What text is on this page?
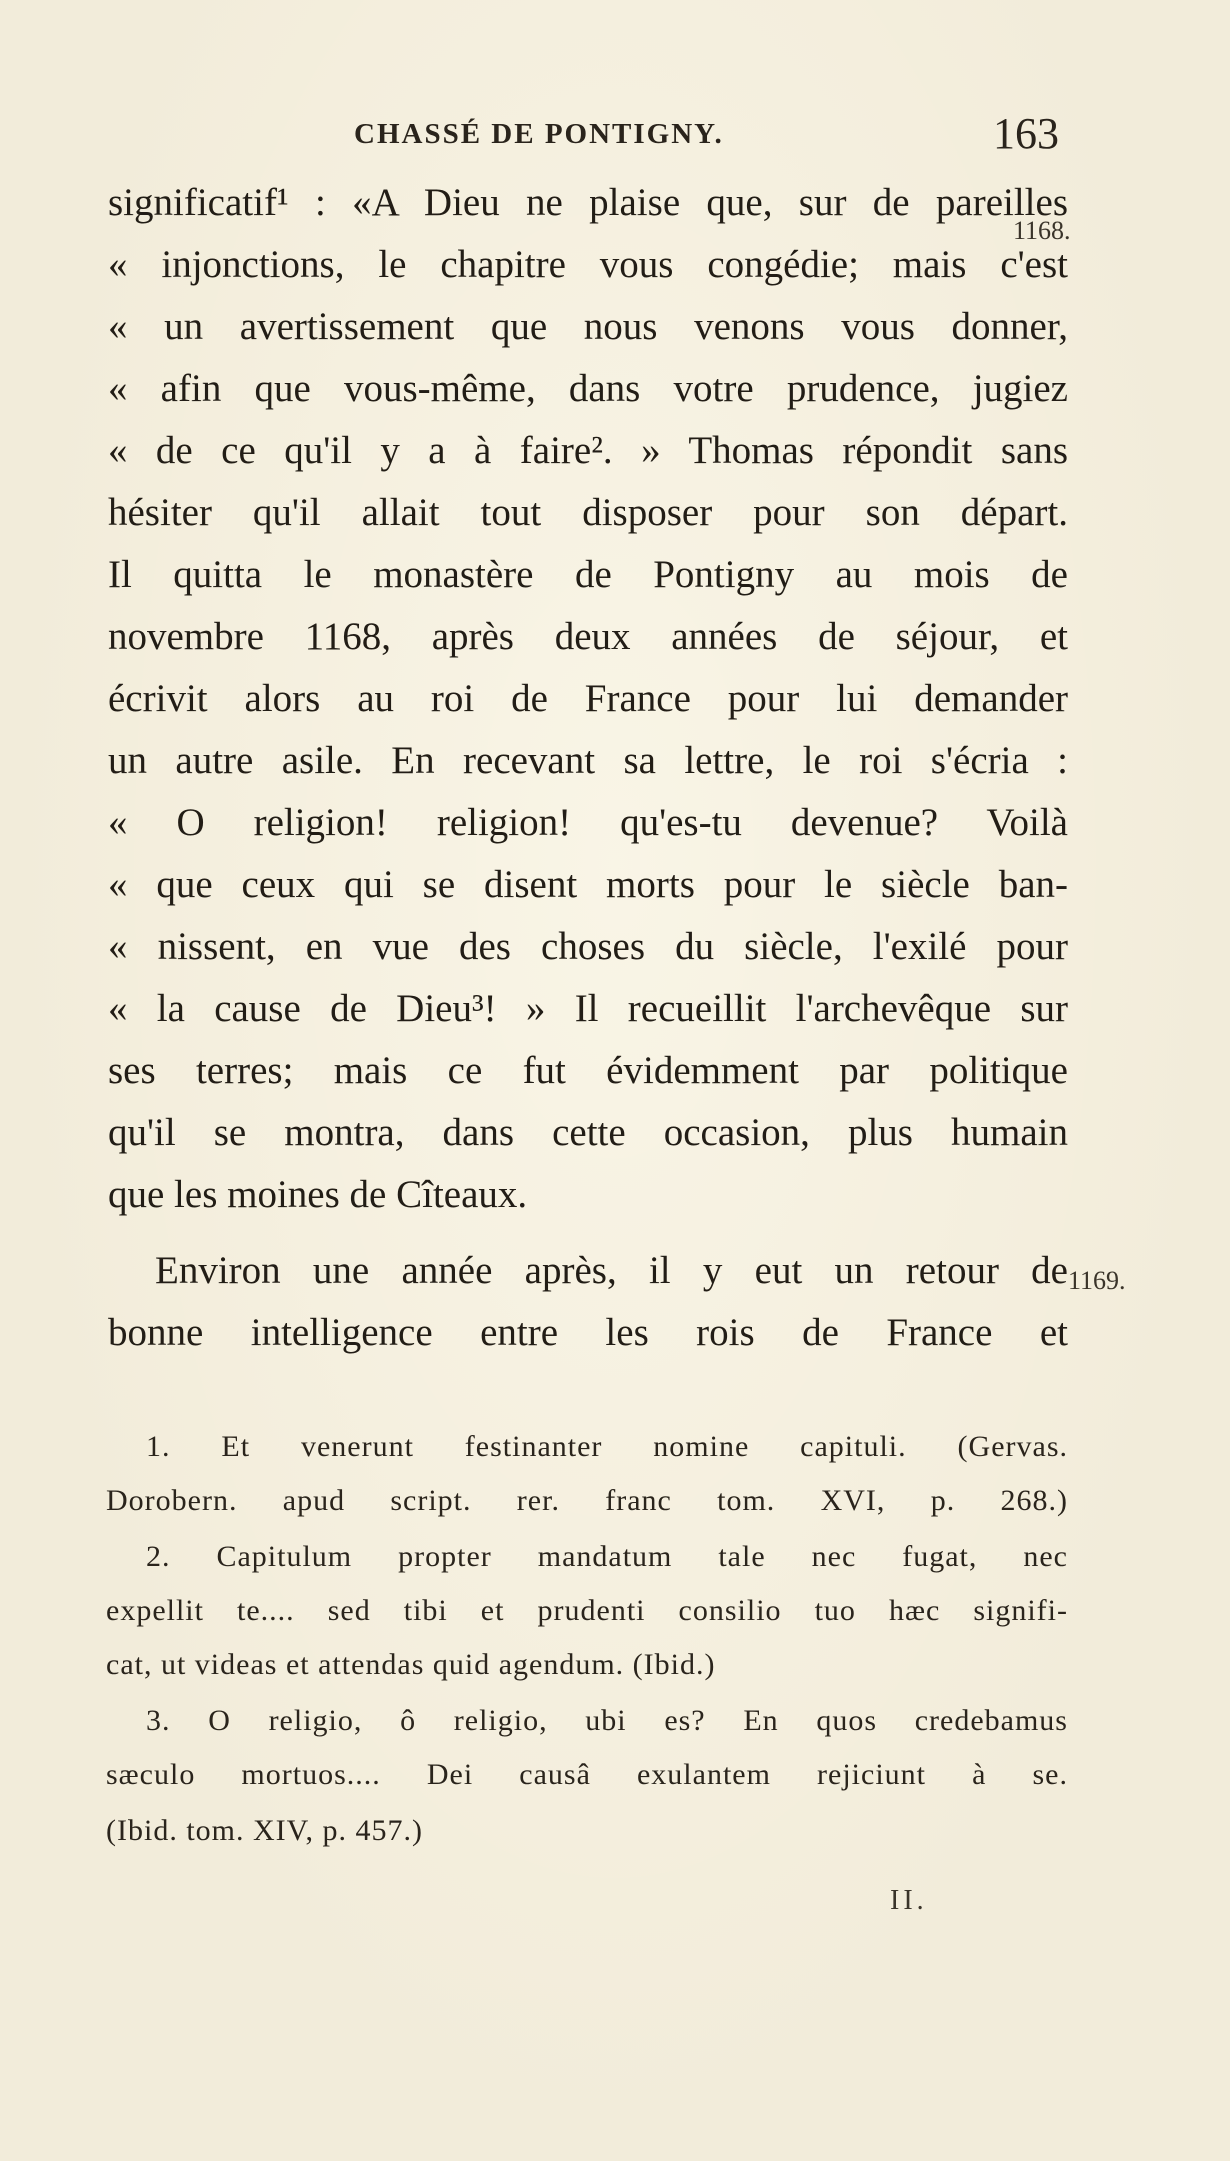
CHASSÉ DE PONTIGNY.	163
1168.
1169.
significatif¹ : «A Dieu ne plaise que, sur de pareilles
« injonctions, le chapitre vous congédie; mais c'est
« un avertissement que nous venons vous donner,
« afin que vous-même, dans votre prudence, jugiez
« de ce qu'il y a à faire². » Thomas répondit sans
hésiter qu'il allait tout disposer pour son départ.
Il quitta le monastère de Pontigny au mois de
novembre 1168, après deux années de séjour, et
écrivit alors au roi de France pour lui demander
un autre asile. En recevant sa lettre, le roi s'écria :
« O religion! religion! qu'es-tu devenue? Voilà
« que ceux qui se disent morts pour le siècle ban-
« nissent, en vue des choses du siècle, l'exilé pour
« la cause de Dieu³! » Il recueillit l'archevêque sur
ses terres; mais ce fut évidemment par politique
qu'il se montra, dans cette occasion, plus humain
que les moines de Cîteaux.
Environ une année après, il y eut un retour de
bonne intelligence entre les rois de France et
1. Et venerunt festinanter nomine capituli. (Gervas.
Dorobern. apud script. rer. franc tom. XVI, p. 268.)
2. Capitulum propter mandatum tale nec fugat, nec
expellit te.... sed tibi et prudenti consilio tuo hæc signifi-
cat, ut videas et attendas quid agendum. (Ibid.)
3. O religio, ô religio, ubi es? En quos credebamus
sæculo mortuos.... Dei causâ exulantem rejiciunt à se.
(Ibid. tom. XIV, p. 457.)
II.
